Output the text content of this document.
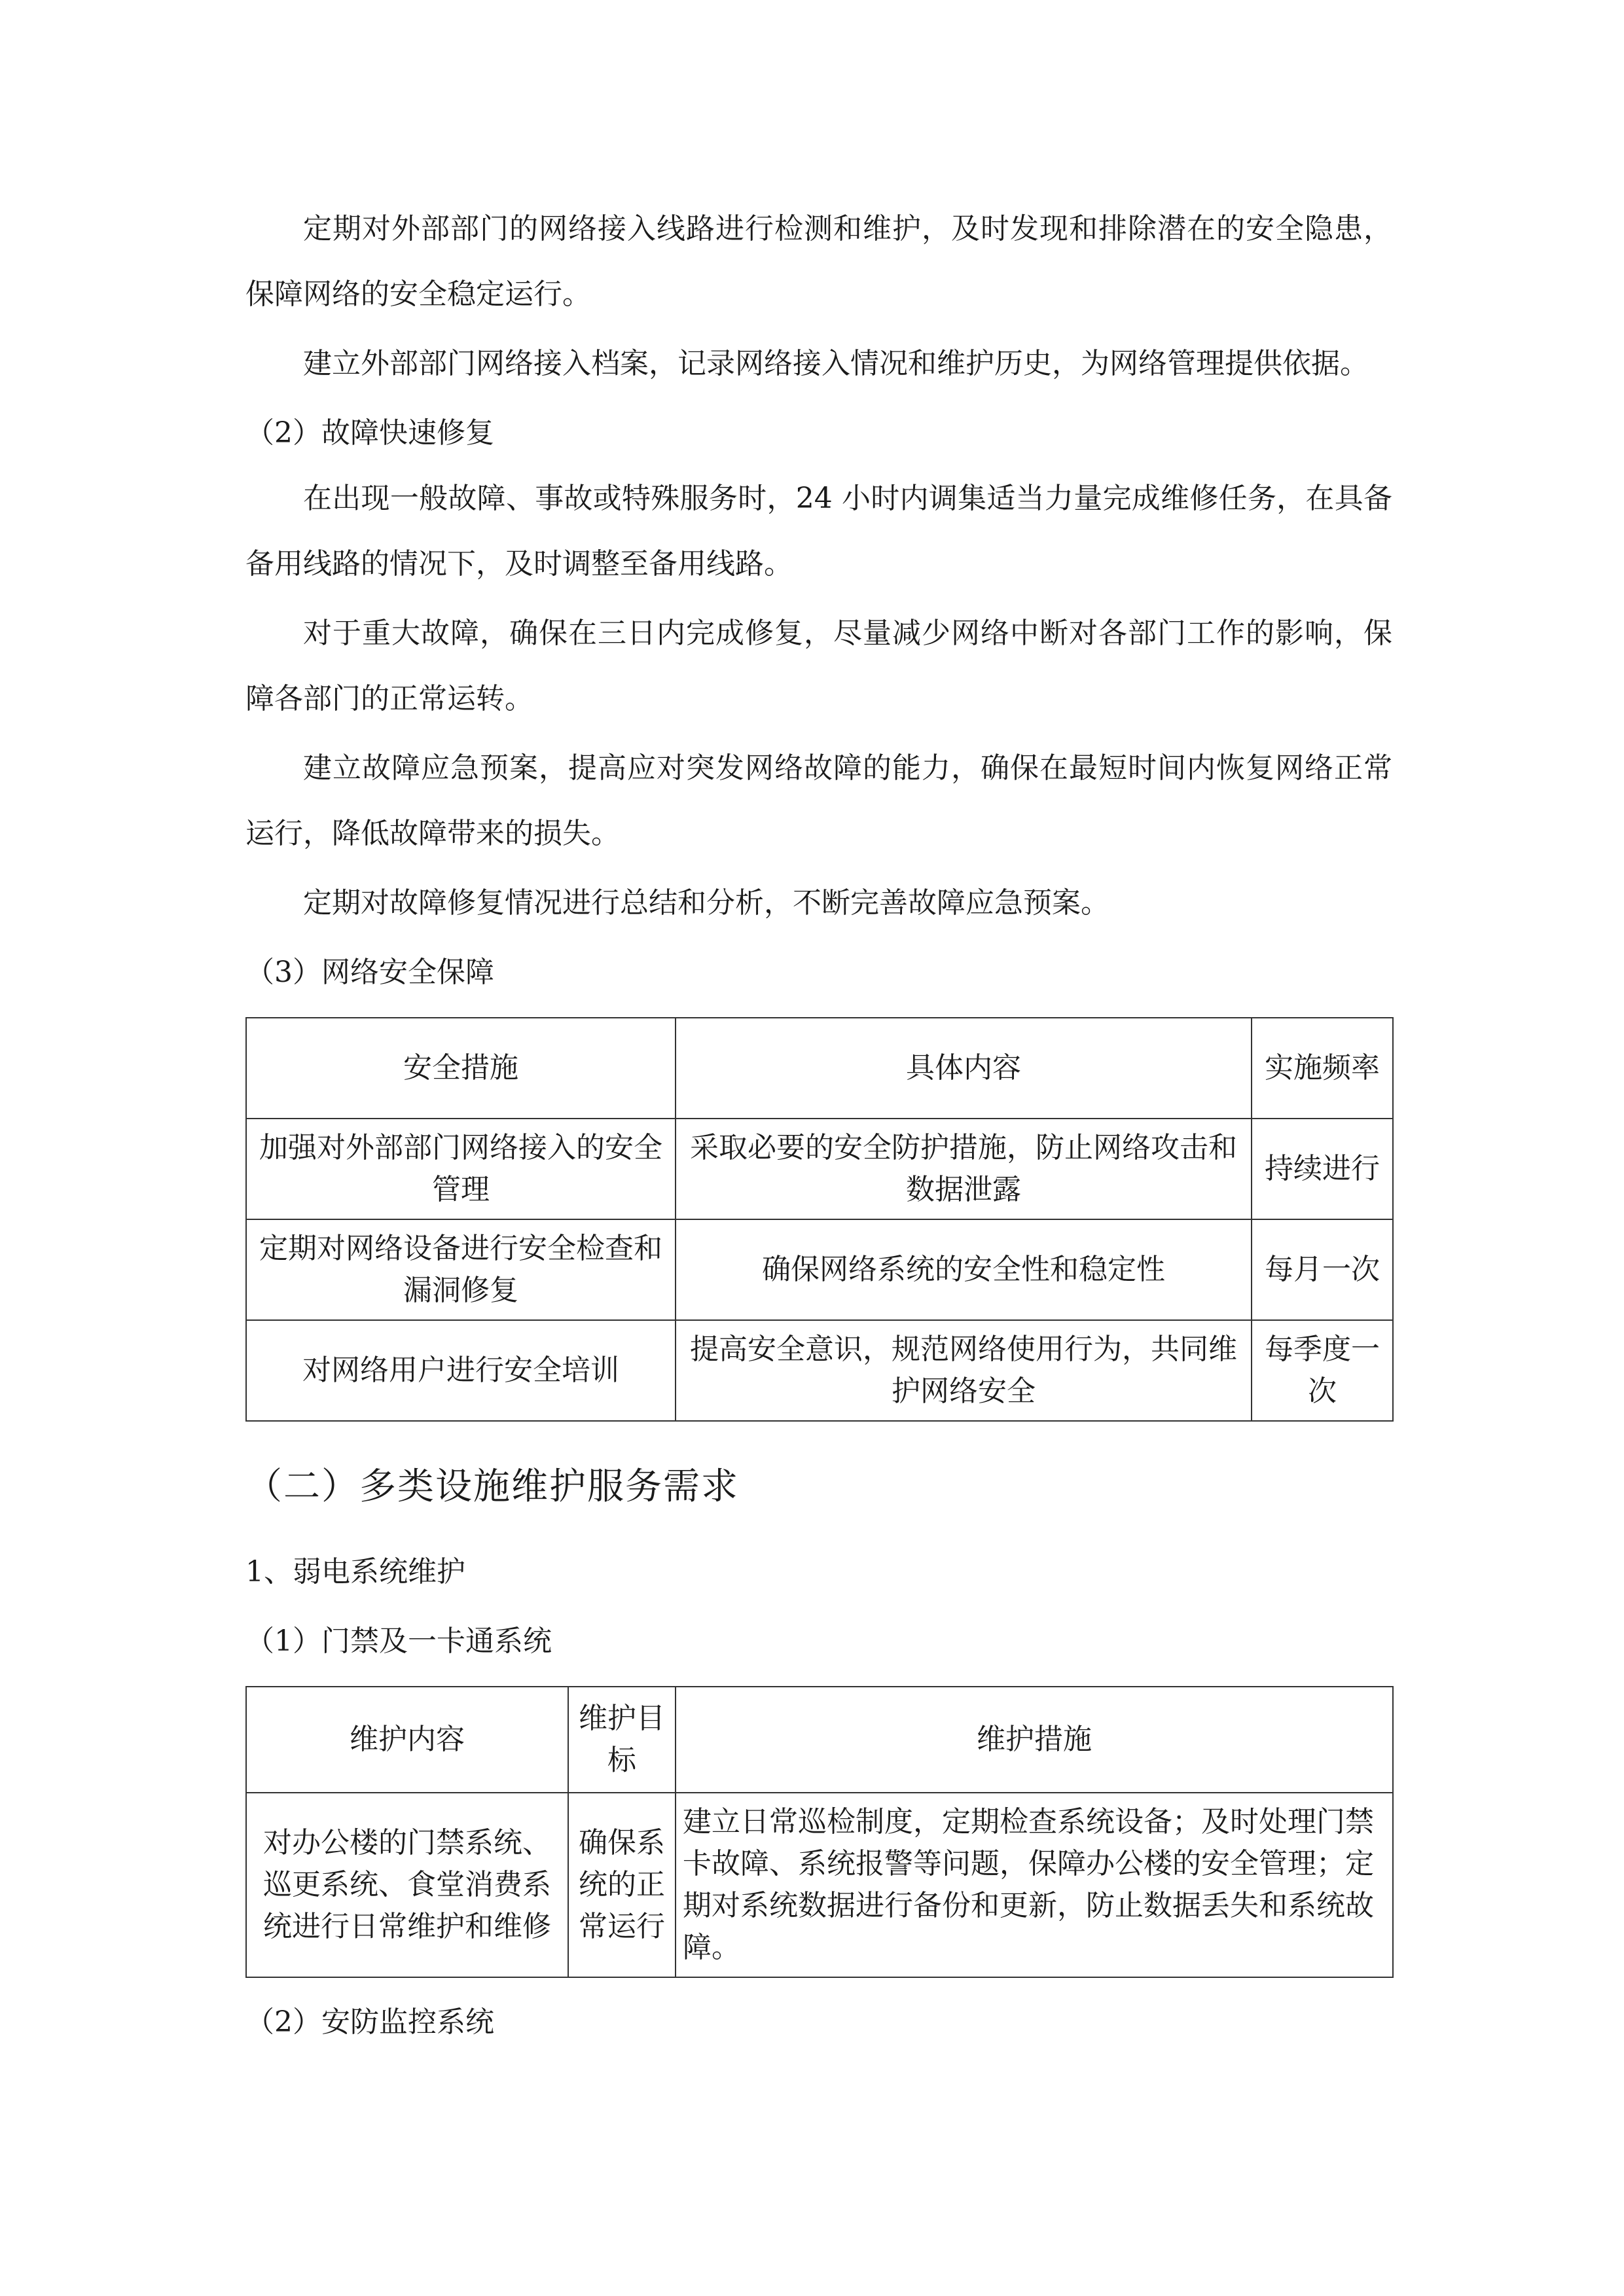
定期对外部部门的网络接入线路进行检测和维护，及时发现和排除潜在的安全隐患，保障网络的安全稳定运行。

建立外部部门网络接入档案，记录网络接入情况和维护历史，为网络管理提供依据。

（2）故障快速修复

在出现一般故障、事故或特殊服务时，24 小时内调集适当力量完成维修任务，在具备备用线路的情况下，及时调整至备用线路。

对于重大故障，确保在三日内完成修复，尽量减少网络中断对各部门工作的影响，保障各部门的正常运转。

建立故障应急预案，提高应对突发网络故障的能力，确保在最短时间内恢复网络正常运行，降低故障带来的损失。

定期对故障修复情况进行总结和分析，不断完善故障应急预案。

（3）网络安全保障

安全措施	具体内容	实施频率
加强对外部部门网络接入的安全管理	采取必要的安全防护措施，防止网络攻击和数据泄露	持续进行
定期对网络设备进行安全检查和漏洞修复	确保网络系统的安全性和稳定性	每月一次
对网络用户进行安全培训	提高安全意识，规范网络使用行为，共同维护网络安全	每季度一次

（二）多类设施维护服务需求

1、弱电系统维护

（1）门禁及一卡通系统

维护内容	维护目标	维护措施
对办公楼的门禁系统、巡更系统、食堂消费系统进行日常维护和维修	确保系统的正常运行	建立日常巡检制度，定期检查系统设备；及时处理门禁卡故障、系统报警等问题，保障办公楼的安全管理；定期对系统数据进行备份和更新，防止数据丢失和系统故障。

（2）安防监控系统
